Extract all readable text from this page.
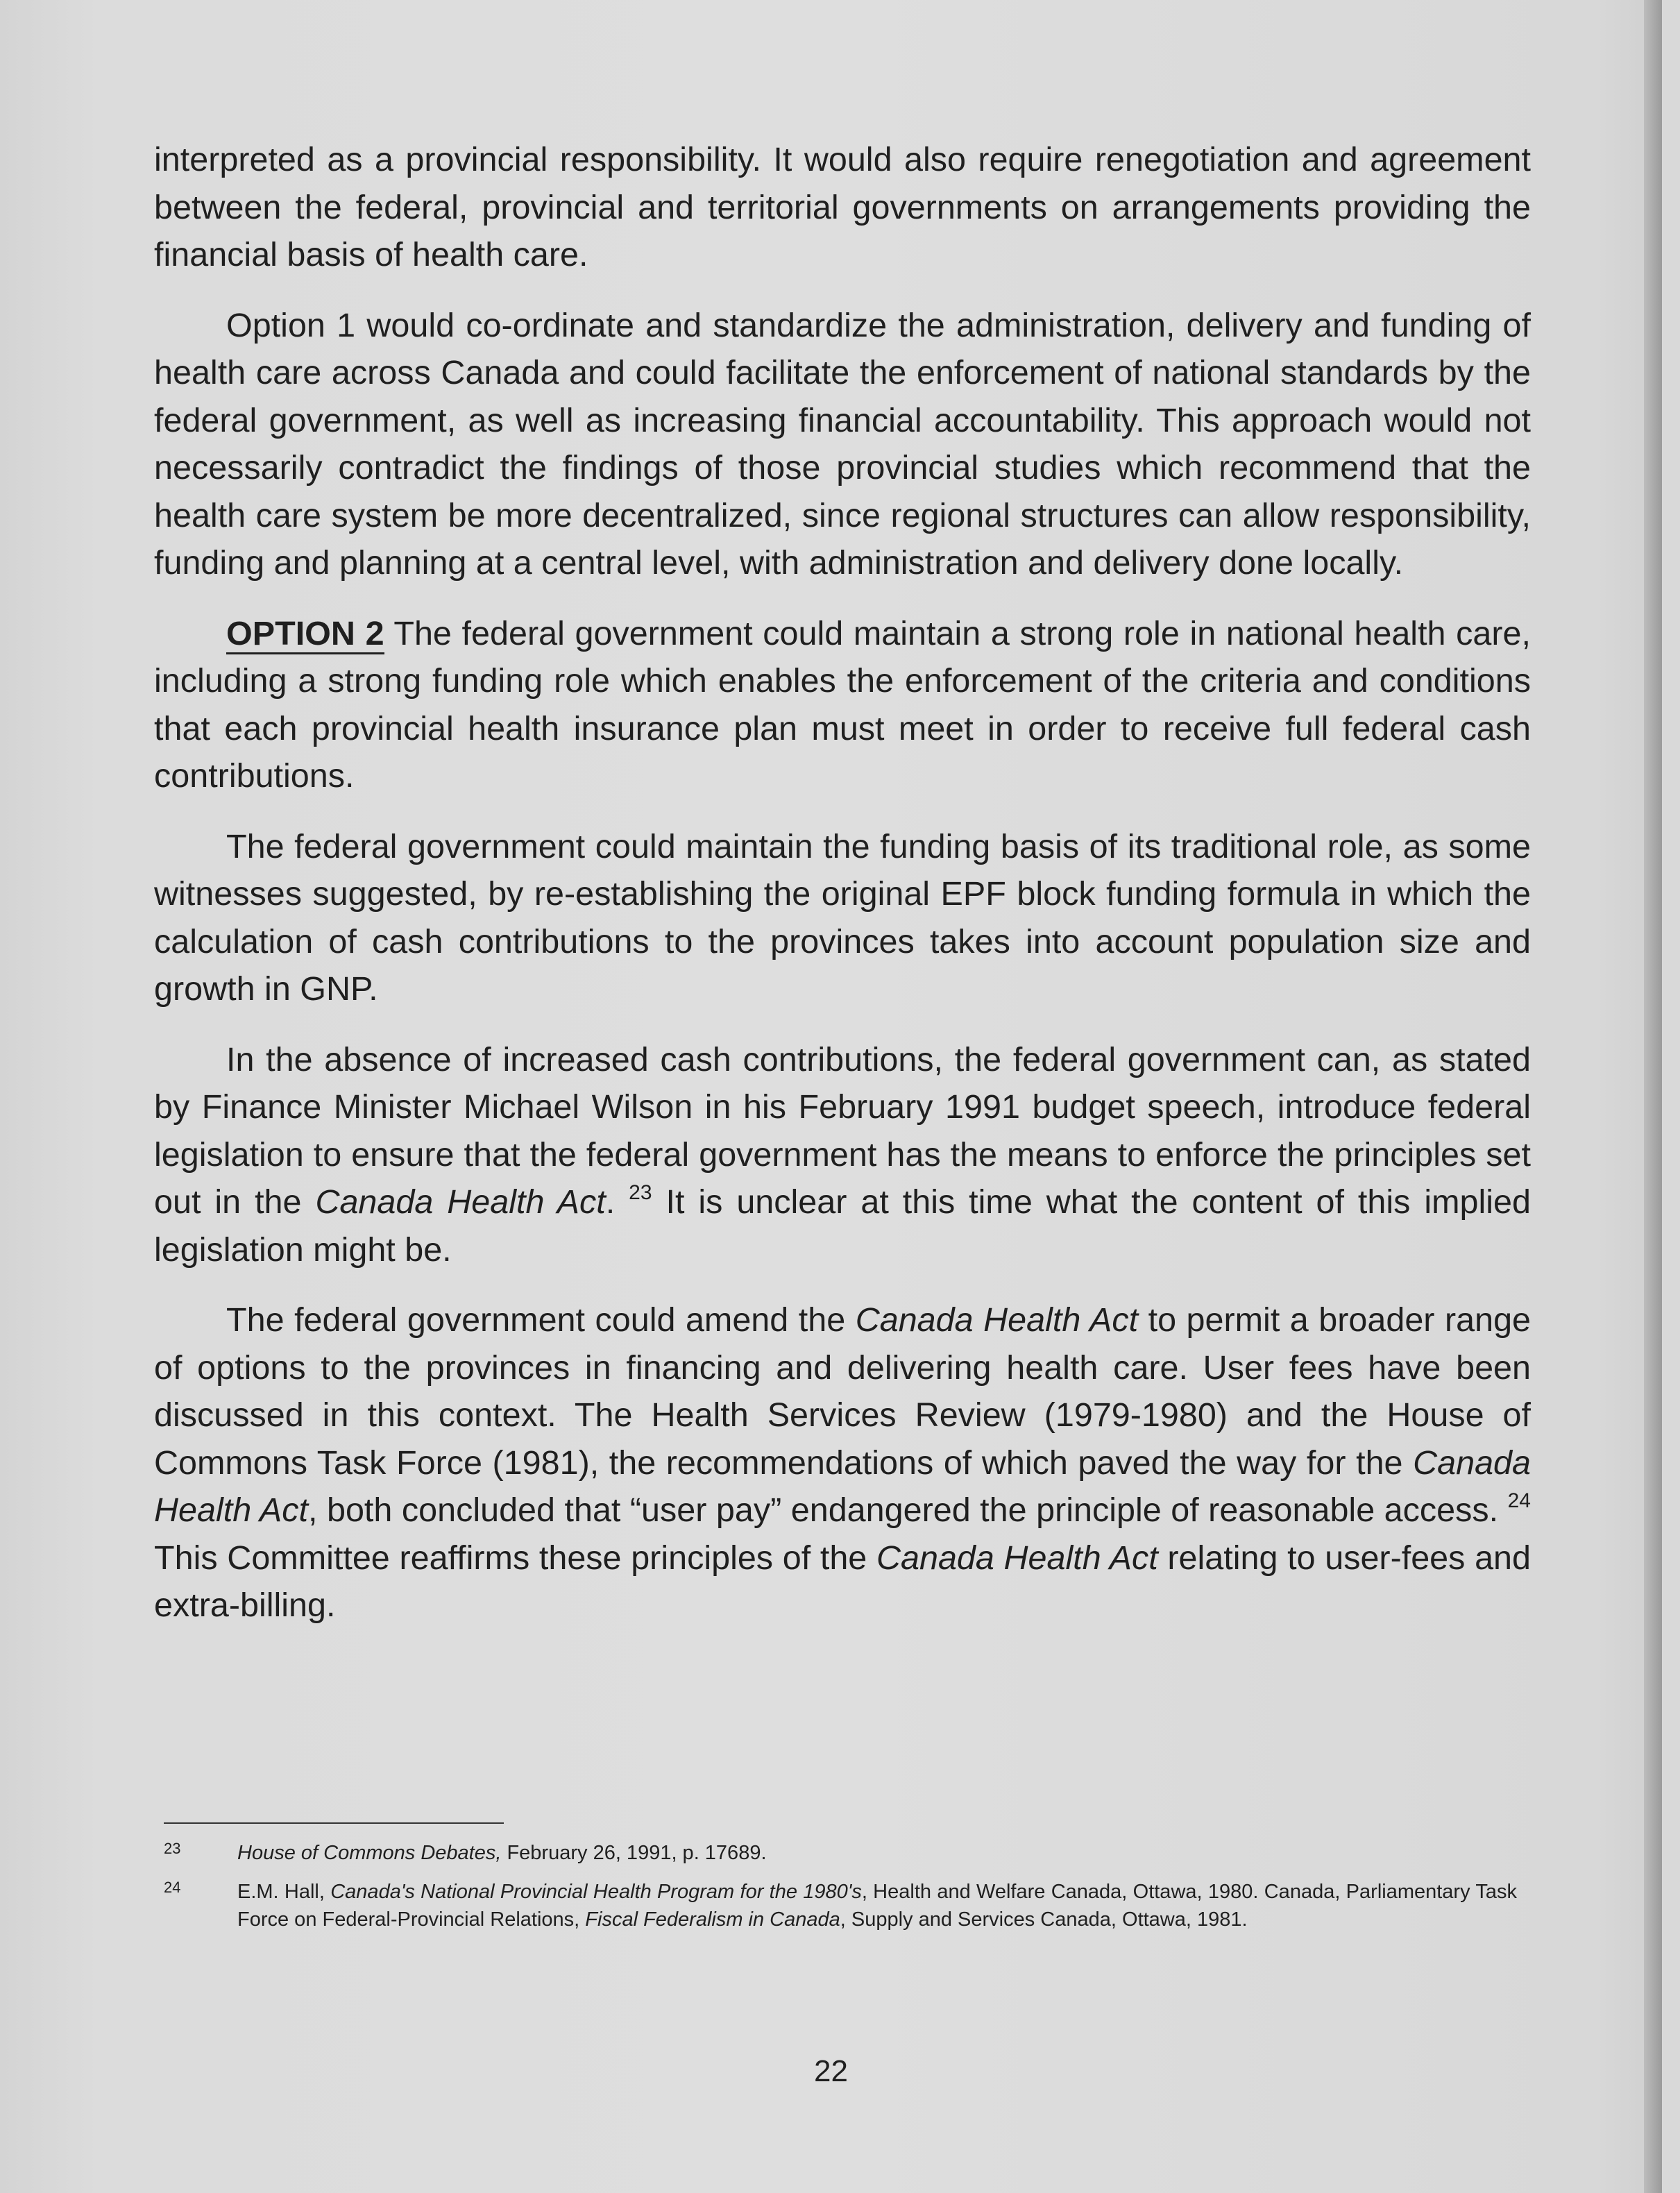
interpreted as a provincial responsibility. It would also require renegotiation and agreement between the federal, provincial and territorial governments on arrangements providing the financial basis of health care.

Option 1 would co-ordinate and standardize the administration, delivery and funding of health care across Canada and could facilitate the enforcement of national standards by the federal government, as well as increasing financial accountability. This approach would not necessarily contradict the findings of those provincial studies which recommend that the health care system be more decentralized, since regional structures can allow responsibility, funding and planning at a central level, with administration and delivery done locally.

OPTION 2 The federal government could maintain a strong role in national health care, including a strong funding role which enables the enforcement of the criteria and conditions that each provincial health insurance plan must meet in order to receive full federal cash contributions.

The federal government could maintain the funding basis of its traditional role, as some witnesses suggested, by re-establishing the original EPF block funding formula in which the calculation of cash contributions to the provinces takes into account population size and growth in GNP.

In the absence of increased cash contributions, the federal government can, as stated by Finance Minister Michael Wilson in his February 1991 budget speech, introduce federal legislation to ensure that the federal government has the means to enforce the principles set out in the Canada Health Act. $^{23}$ It is unclear at this time what the content of this implied legislation might be.

The federal government could amend the Canada Health Act to permit a broader range of options to the provinces in financing and delivering health care. User fees have been discussed in this context. The Health Services Review (1979-1980) and the House of Commons Task Force (1981), the recommendations of which paved the way for the Canada Health Act, both concluded that “user pay” endangered the principle of reasonable access. $^{24}$ This Committee reaffirms these principles of the Canada Health Act relating to user-fees and extra-billing.

23	House of Commons Debates, February 26, 1991, p. 17689.
24	E.M. Hall, Canada's National Provincial Health Program for the 1980's, Health and Welfare Canada, Ottawa, 1980. Canada, Parliamentary Task Force on Federal-Provincial Relations, Fiscal Federalism in Canada, Supply and Services Canada, Ottawa, 1981.
22
